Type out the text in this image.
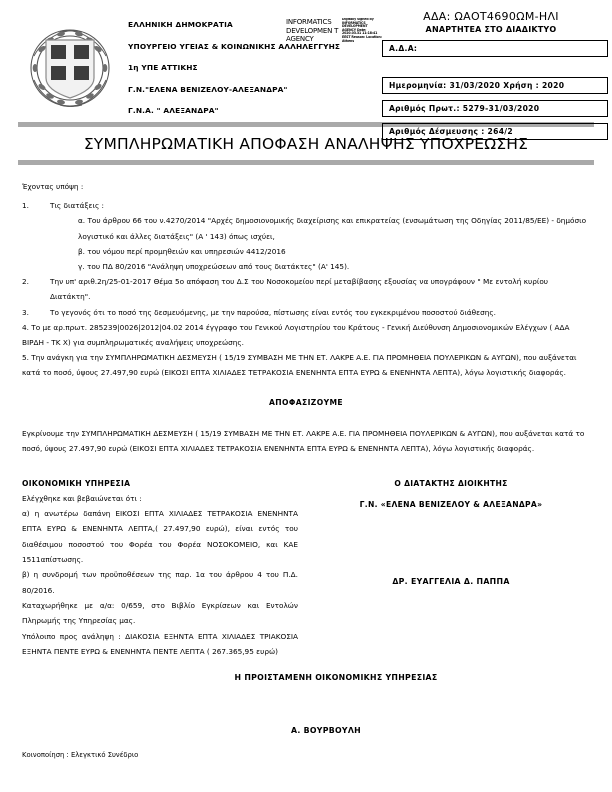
ΕΛΛΗΝΙΚΗ ΔΗΜΟΚΡΑΤΙΑ
ΥΠΟΥΡΓΕΙΟ ΥΓΕΙΑΣ & ΚΟΙΝΩΝΙΚΗΣ ΑΛΛΗΛΕΓΓΥΗΣ
1η ΥΠΕ ΑΤΤΙΚΗΣ
Γ.Ν."ΕΛΕΝΑ ΒΕΝΙΖΕΛΟΥ-ΑΛΕΞΑΝΔΡΑ"
Γ.Ν.Α. " ΑΛΕΞΑΝΔΡΑ"
INFORMATICS DEVELOPMEN T AGENCY
Digitally signed by INFORMATICS DEVELOPMENT AGENCY Date: 2020.03.31 11:18:41 EEST Reason: Location: Athens
ΑΔΑ: ΩΑΟΤ4690ΩΜ-ΗΛΙ
ΑΝΑΡΤΗΤΕΑ ΣΤΟ ΔΙΑΔΙΚΤΥΟ
Α.Δ.Α:
Ημερομηνία: 31/03/2020 Χρήση : 2020
Αριθμός Πρωτ.: 5279-31/03/2020
Αριθμός Δέσμευσης : 264/2
ΣΥΜΠΛΗΡΩΜΑΤΙΚΗ ΑΠΟΦΑΣΗ ΑΝΑΛΗΨΗΣ ΥΠΟΧΡΕΩΣΗΣ
Έχοντας υπόψη :
1.	Τις διατάξεις :
α. Του άρθρου 66 του ν.4270/2014 "Αρχές δημοσιονομικής διαχείρισης και επικρατείας (ενσωμάτωση της Οδηγίας 2011/85/ΕΕ) - δημόσιο λογιστικό και άλλες διατάξεις" (Α ' 143) όπως ισχύει,
β. του νόμου περί προμηθειών και υπηρεσιών 4412/2016
γ. του ΠΔ 80/2016 "Ανάληψη υποχρεώσεων από τους διατάκτες" (Α' 145).
2.	Την υπ' αριθ.2η/25-01-2017 Θέμα 5ο απόφαση του Δ.Σ του Νοσοκομείου περί μεταβίβασης εξουσίας να υπογράφουν " Με εντολή κυρίου Διατάκτη".
3.	Το γεγονός ότι το ποσό της δεσμευόμενης, με την παρούσα, πίστωσης είναι εντός του εγκεκριμένου ποσοστού διάθεσης.
4. Το με αρ.πρωτ. 285239|0026|2012|04.02 2014 έγγραφο του Γενικού Λογιστηρίου του Κράτους - Γενική Διεύθυνση Δημοσιονομικών Ελέγχων ( ΑΔΑ ΒΙΡΔΗ - ΤΚ Χ) για συμπληρωματικές αναλήψεις υποχρεώσης.
5. Την ανάγκη για την ΣΥΜΠΛΗΡΩΜΑΤΙΚΗ ΔΕΣΜΕΥΣΗ ( 15/19 ΣΥΜΒΑΣΗ ΜΕ ΤΗΝ ΕΤ. ΛΑΚΡΕ Α.Ε. ΓΙΑ ΠΡΟΜΗΘΕΙΑ ΠΟΥΛΕΡΙΚΩΝ & ΑΥΓΩΝ), που αυξάνεται κατά το ποσό, ύψους 27.497,90 ευρώ (ΕΙΚΟΣΙ ΕΠΤΑ ΧΙΛΙΑΔΕΣ ΤΕΤΡΑΚΟΣΙΑ ΕΝΕΝΗΝΤΑ ΕΠΤΑ ΕΥΡΩ & ΕΝΕΝΗΝΤΑ ΛΕΠΤΑ), λόγω λογιστικής διαφοράς.
ΑΠΟΦΑΣΙΖΟΥΜΕ
Εγκρίνουμε την ΣΥΜΠΛΗΡΩΜΑΤΙΚΗ ΔΕΣΜΕΥΣΗ ( 15/19 ΣΥΜΒΑΣΗ ΜΕ ΤΗΝ ΕΤ. ΛΑΚΡΕ Α.Ε. ΓΙΑ ΠΡΟΜΗΘΕΙΑ ΠΟΥΛΕΡΙΚΩΝ & ΑΥΓΩΝ), που αυξάνεται κατά το ποσό, ύψους 27.497,90 ευρώ (ΕΙΚΟΣΙ ΕΠΤΑ ΧΙΛΙΑΔΕΣ ΤΕΤΡΑΚΟΣΙΑ ΕΝΕΝΗΝΤΑ ΕΠΤΑ ΕΥΡΩ & ΕΝΕΝΗΝΤΑ ΛΕΠΤΑ), λόγω λογιστικής διαφοράς.
ΟΙΚΟΝΟΜΙΚΗ ΥΠΗΡΕΣΙΑ
Ελέγχθηκε και βεβαιώνεται ότι :
α) η ανωτέρω δαπάνη ΕΙΚΟΣΙ ΕΠΤΑ ΧΙΛΙΑΔΕΣ ΤΕΤΡΑΚΟΣΙΑ ΕΝΕΝΗΝΤΑ ΕΠΤΑ ΕΥΡΩ & ΕΝΕΝΗΝΤΑ ΛΕΠΤΑ,( 27.497,90 ευρώ), είναι εντός του διαθέσιμου ποσοστού του Φορέα του Φορέα ΝΟΣΟΚΟΜΕΙΟ, και ΚΑΕ 1511απίστωσης.
β) η συνδρομή των προϋποθέσεων της παρ. 1α του άρθρου 4 του Π.Δ. 80/2016.
Καταχωρήθηκε με α/α: 0/659, στο Βιβλίο Εγκρίσεων και Εντολών Πληρωμής της Υπηρεσίας μας.
Υπόλοιπο προς ανάληψη : ΔΙΑΚΟΣΙΑ ΕΞΗΝΤΑ ΕΠΤΑ ΧΙΛΙΑΔΕΣ ΤΡΙΑΚΟΣΙΑ ΕΞΗΝΤΑ ΠΕΝΤΕ ΕΥΡΩ & ΕΝΕΝΗΝΤΑ ΠΕΝΤΕ ΛΕΠΤΑ ( 267.365,95 ευρώ)
Ο ΔΙΑΤΑΚΤΗΣ ΔΙΟΙΚΗΤΗΣ
Γ.Ν. «ΕΛΕΝΑ ΒΕΝΙΖΕΛΟΥ & ΑΛΕΞΑΝΔΡΑ»
ΔΡ. ΕΥΑΓΓΕΛΙΑ Δ. ΠΑΠΠΑ
Η ΠΡΟΙΣΤΑΜΕΝΗ ΟΙΚΟΝΟΜΙΚΗΣ ΥΠΗΡΕΣΙΑΣ
Α. ΒΟΥΡΒΟΥΛΗ
Κοινοποίηση : Ελεγκτικό Συνέδριο
